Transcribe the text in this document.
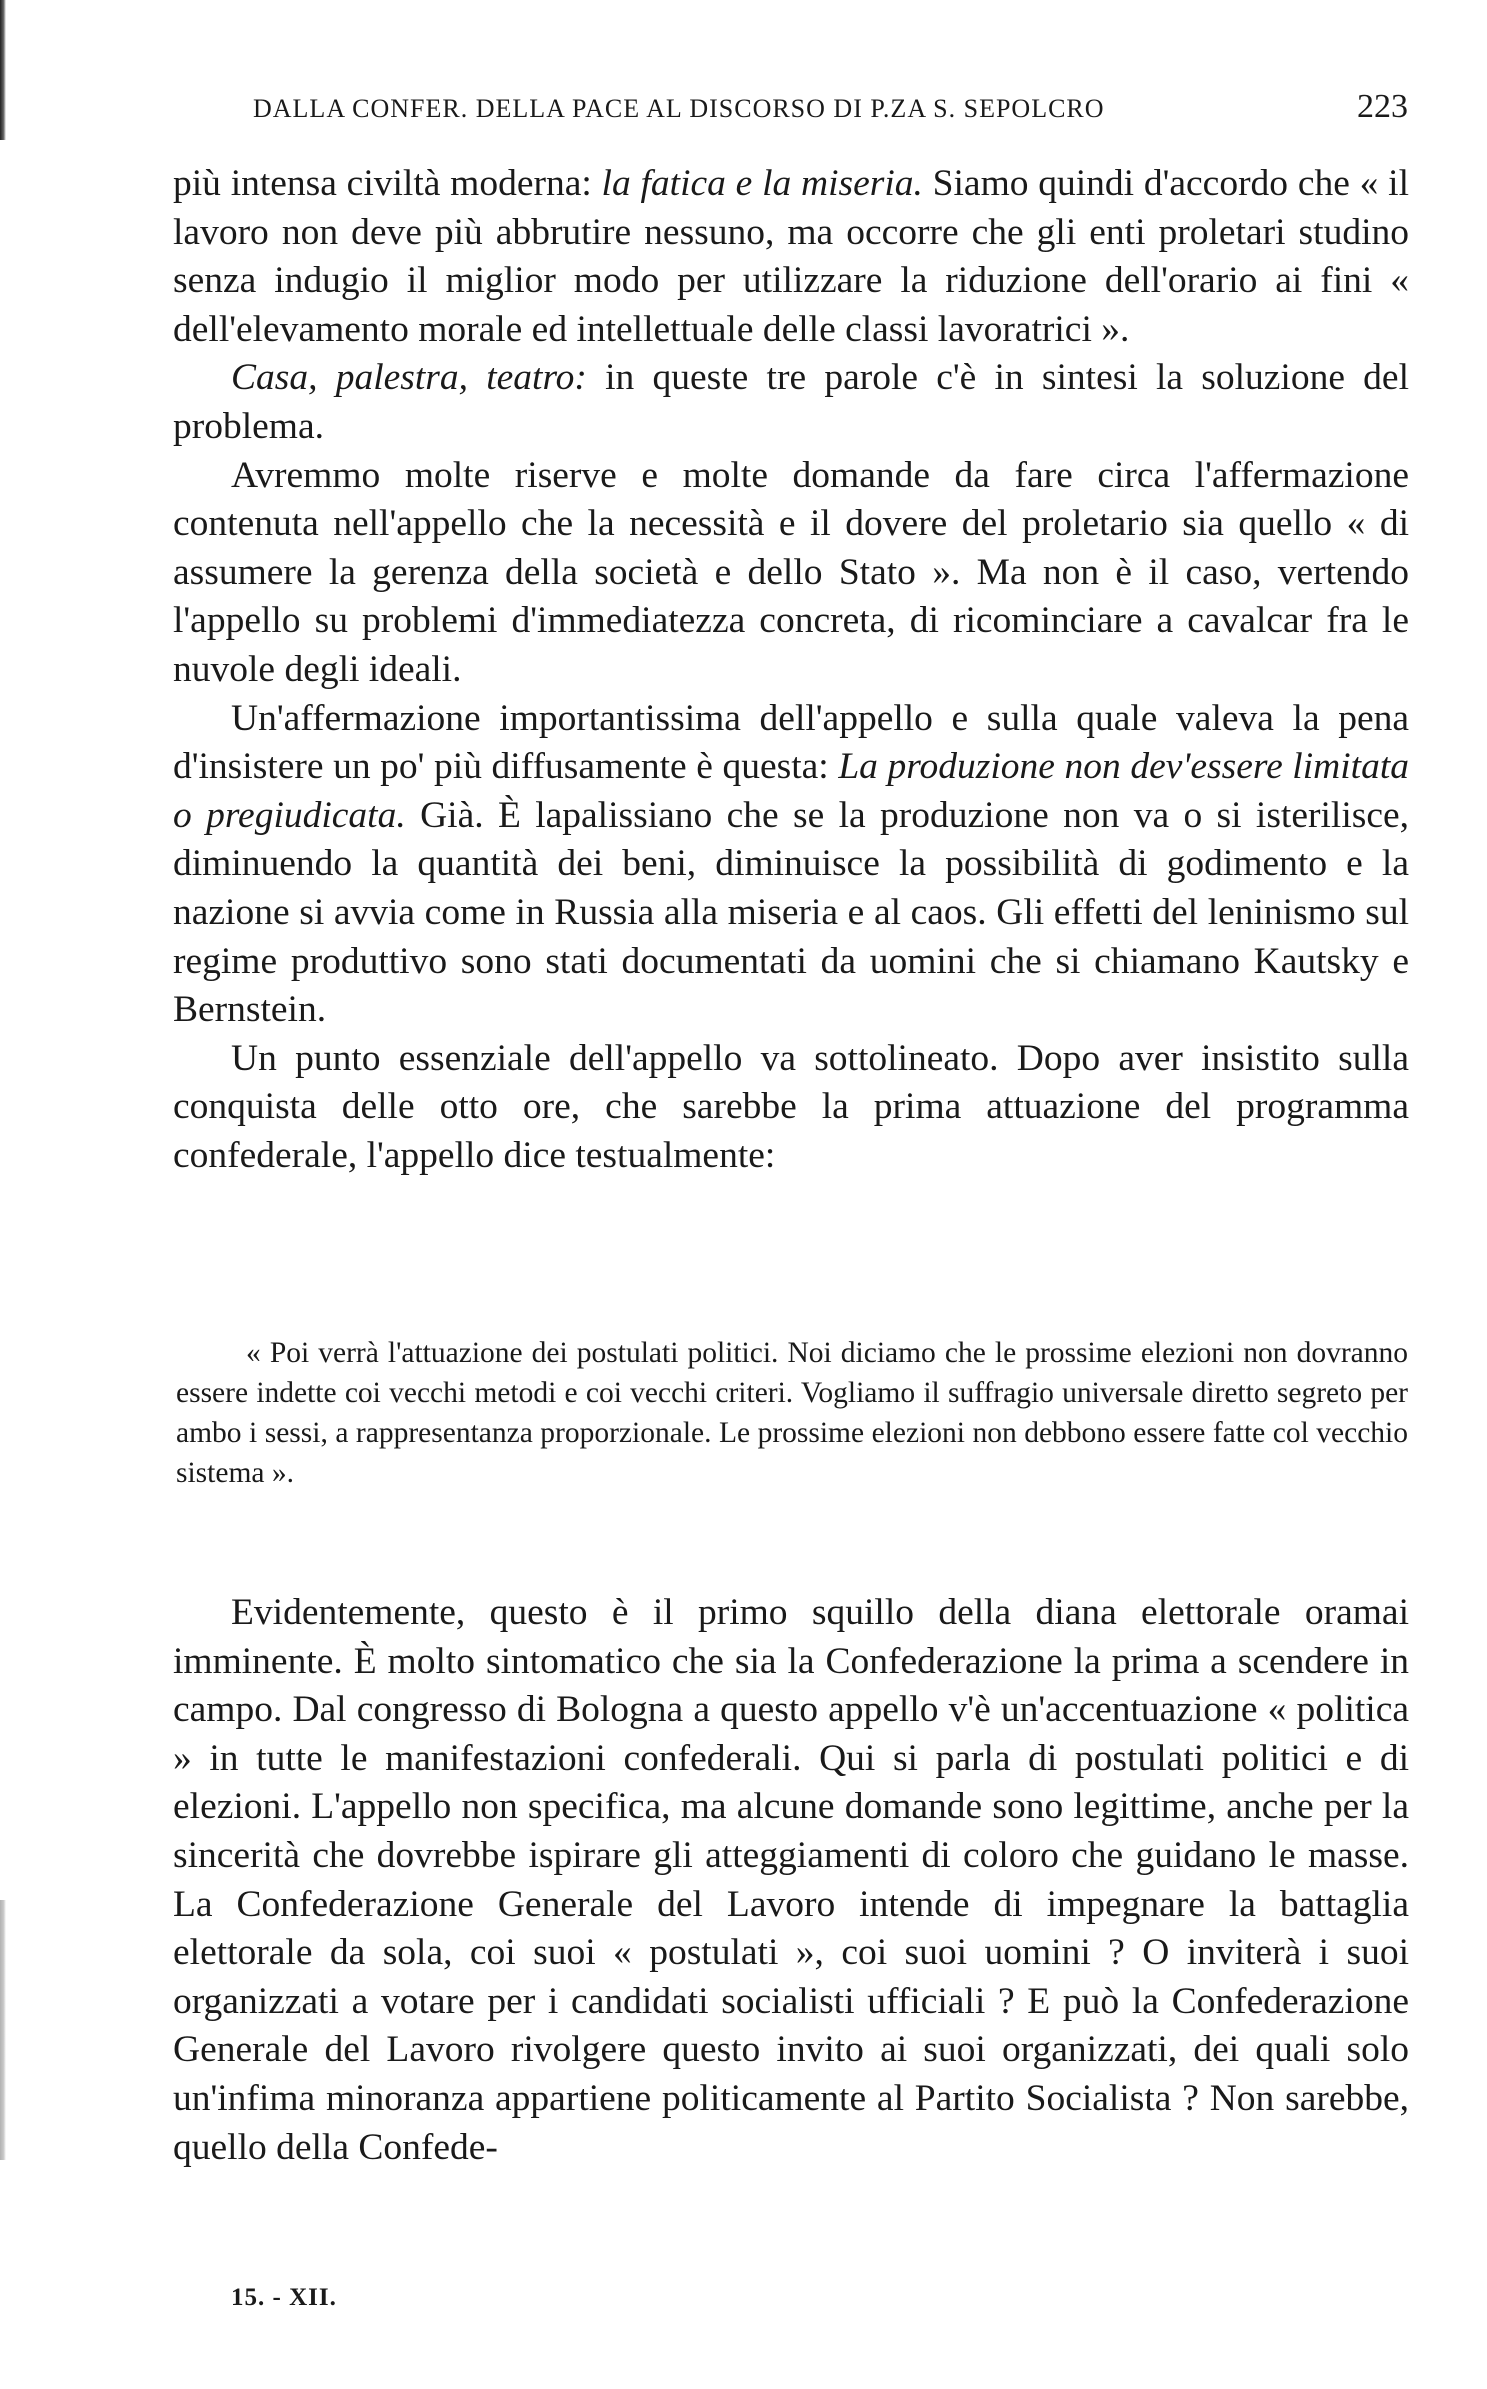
DALLA CONFER. DELLA PACE AL DISCORSO DI P.ZA S. SEPOLCRO	223

più intensa civiltà moderna: la fatica e la miseria. Siamo quindi d'accordo che « il lavoro non deve più abbrutire nessuno, ma occorre che gli enti proletari studino senza indugio il miglior modo per utilizzare la riduzione dell'orario ai fini « dell'elevamento morale ed intellettuale delle classi lavoratrici ».

Casa, palestra, teatro: in queste tre parole c'è in sintesi la soluzione del problema.

Avremmo molte riserve e molte domande da fare circa l'affermazione contenuta nell'appello che la necessità e il dovere del proletario sia quello « di assumere la gerenza della società e dello Stato ». Ma non è il caso, vertendo l'appello su problemi d'immediatezza concreta, di ricominciare a cavalcar fra le nuvole degli ideali.

Un'affermazione importantissima dell'appello e sulla quale valeva la pena d'insistere un po' più diffusamente è questa: La produzione non dev'essere limitata o pregiudicata. Già. È lapalissiano che se la produzione non va o si isterilisce, diminuendo la quantità dei beni, diminuisce la possibilità di godimento e la nazione si avvia come in Russia alla miseria e al caos. Gli effetti del leninismo sul regime produttivo sono stati documentati da uomini che si chiamano Kautsky e Bernstein.

Un punto essenziale dell'appello va sottolineato. Dopo aver insistito sulla conquista delle otto ore, che sarebbe la prima attuazione del programma confederale, l'appello dice testualmente:

« Poi verrà l'attuazione dei postulati politici. Noi diciamo che le prossime elezioni non dovranno essere indette coi vecchi metodi e coi vecchi criteri. Vogliamo il suffragio universale diretto segreto per ambo i sessi, a rappresentanza proporzionale. Le prossime elezioni non debbono essere fatte col vecchio sistema ».

Evidentemente, questo è il primo squillo della diana elettorale oramai imminente. È molto sintomatico che sia la Confederazione la prima a scendere in campo. Dal congresso di Bologna a questo appello v'è un'accentuazione « politica » in tutte le manifestazioni confederali. Qui si parla di postulati politici e di elezioni. L'appello non specifica, ma alcune domande sono legittime, anche per la sincerità che dovrebbe ispirare gli atteggiamenti di coloro che guidano le masse. La Confederazione Generale del Lavoro intende di impegnare la battaglia elettorale da sola, coi suoi « postulati », coi suoi uomini ? O inviterà i suoi organizzati a votare per i candidati socialisti ufficiali ? E può la Confederazione Generale del Lavoro rivolgere questo invito ai suoi organizzati, dei quali solo un'infima minoranza appartiene politicamente al Partito Socialista ? Non sarebbe, quello della Confede-

15. - XII.
